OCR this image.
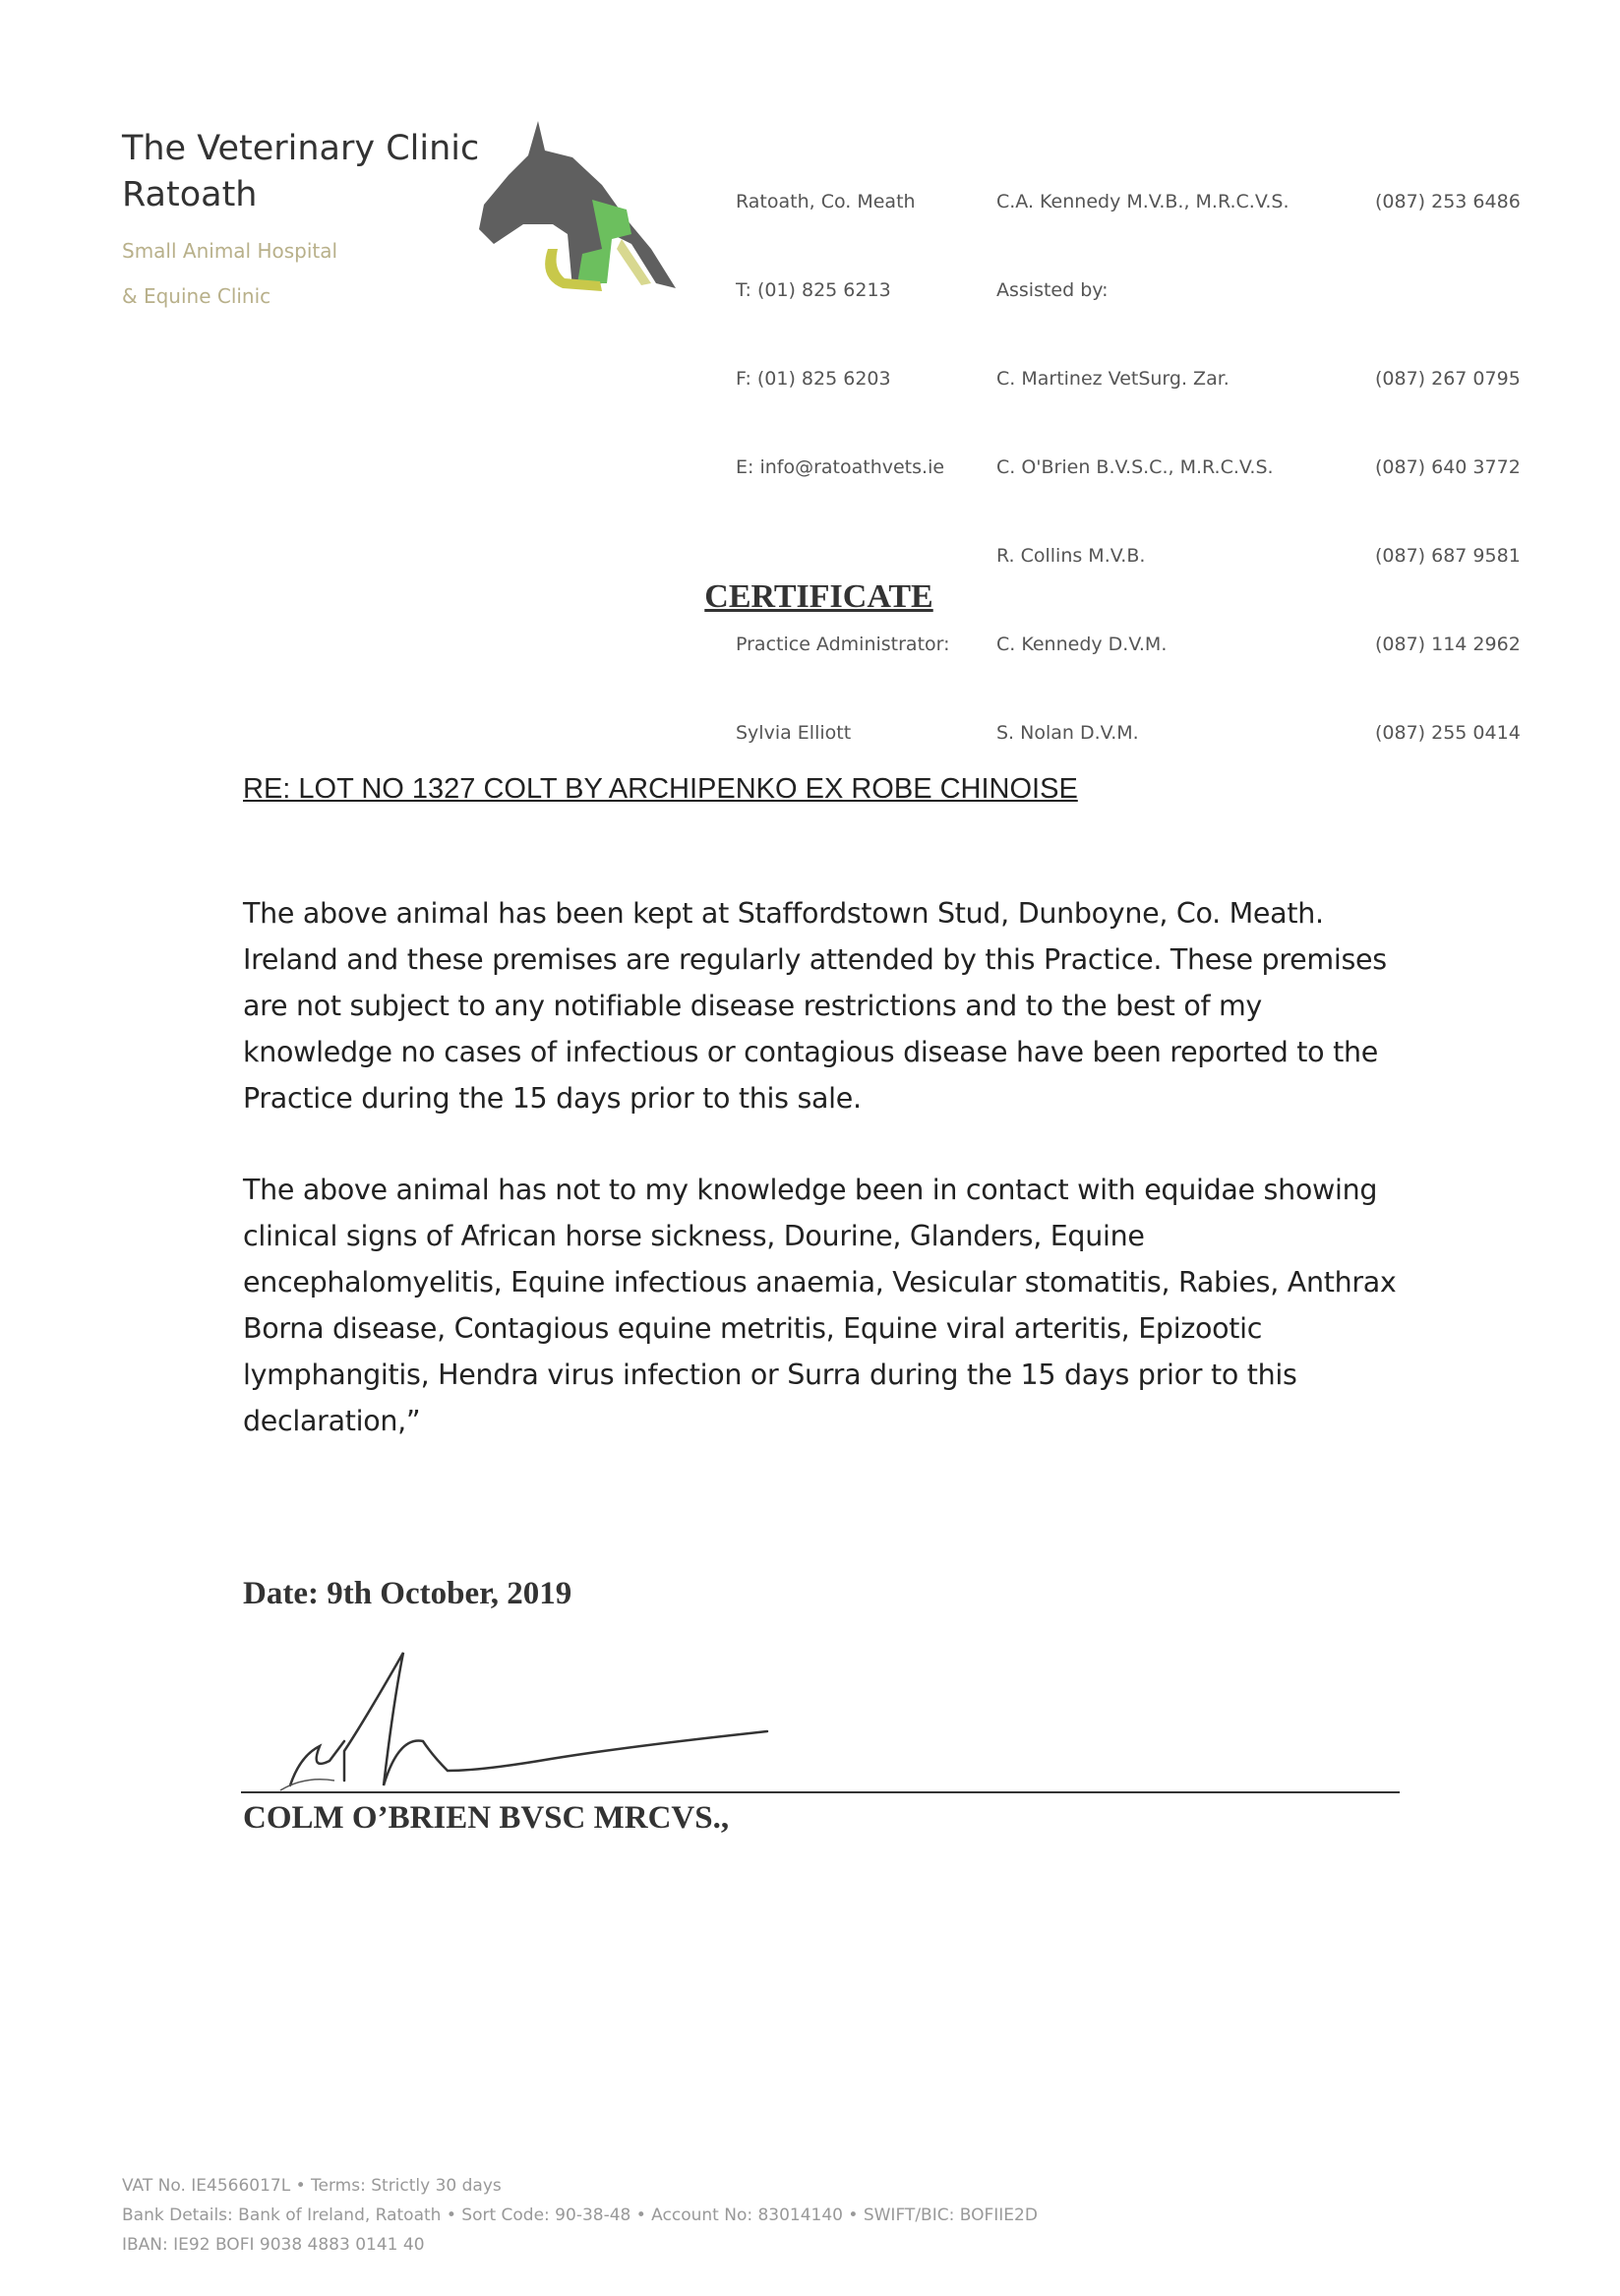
The Veterinary Clinic
Ratoath
Small Animal Hospital
& Equine Clinic

Ratoath, Co. Meath

T: (01) 825 6213

F: (01) 825 6203

E: info@ratoathvets.ie

Practice Administrator:

Sylvia Elliott

C.A. Kennedy M.V.B., M.R.C.V.S.

Assisted by:

C. Martinez VetSurg. Zar.

C. O'Brien B.V.S.C., M.R.C.V.S.

R. Collins M.V.B.

C. Kennedy D.V.M.

S. Nolan D.V.M.

(087) 253 6486

(087) 267 0795

(087) 640 3772

(087) 687 9581

(087) 114 2962

(087) 255 0414

CERTIFICATE
RE: LOT NO 1327 COLT BY ARCHIPENKO EX ROBE CHINOISE
The above animal has been kept at Staffordstown Stud, Dunboyne, Co. Meath. Ireland and these premises are regularly attended by this Practice. These premises are not subject to any notifiable disease restrictions and to the best of my knowledge no cases of infectious or contagious disease have been reported to the Practice during the 15 days prior to this sale.
The above animal has not to my knowledge been in contact with equidae showing clinical signs of African horse sickness, Dourine, Glanders, Equine encephalomyelitis, Equine infectious anaemia, Vesicular stomatitis, Rabies, Anthrax Borna disease, Contagious equine metritis, Equine viral arteritis, Epizootic lymphangitis, Hendra virus infection or Surra during the 15 days prior to this declaration,”
Date: 9th October, 2019
COLM O’BRIEN BVSC MRCVS.,
VAT No. IE4566017L • Terms: Strictly 30 days
Bank Details: Bank of Ireland, Ratoath • Sort Code: 90-38-48 • Account No: 83014140 • SWIFT/BIC: BOFIIE2D
IBAN: IE92 BOFI 9038 4883 0141 40
